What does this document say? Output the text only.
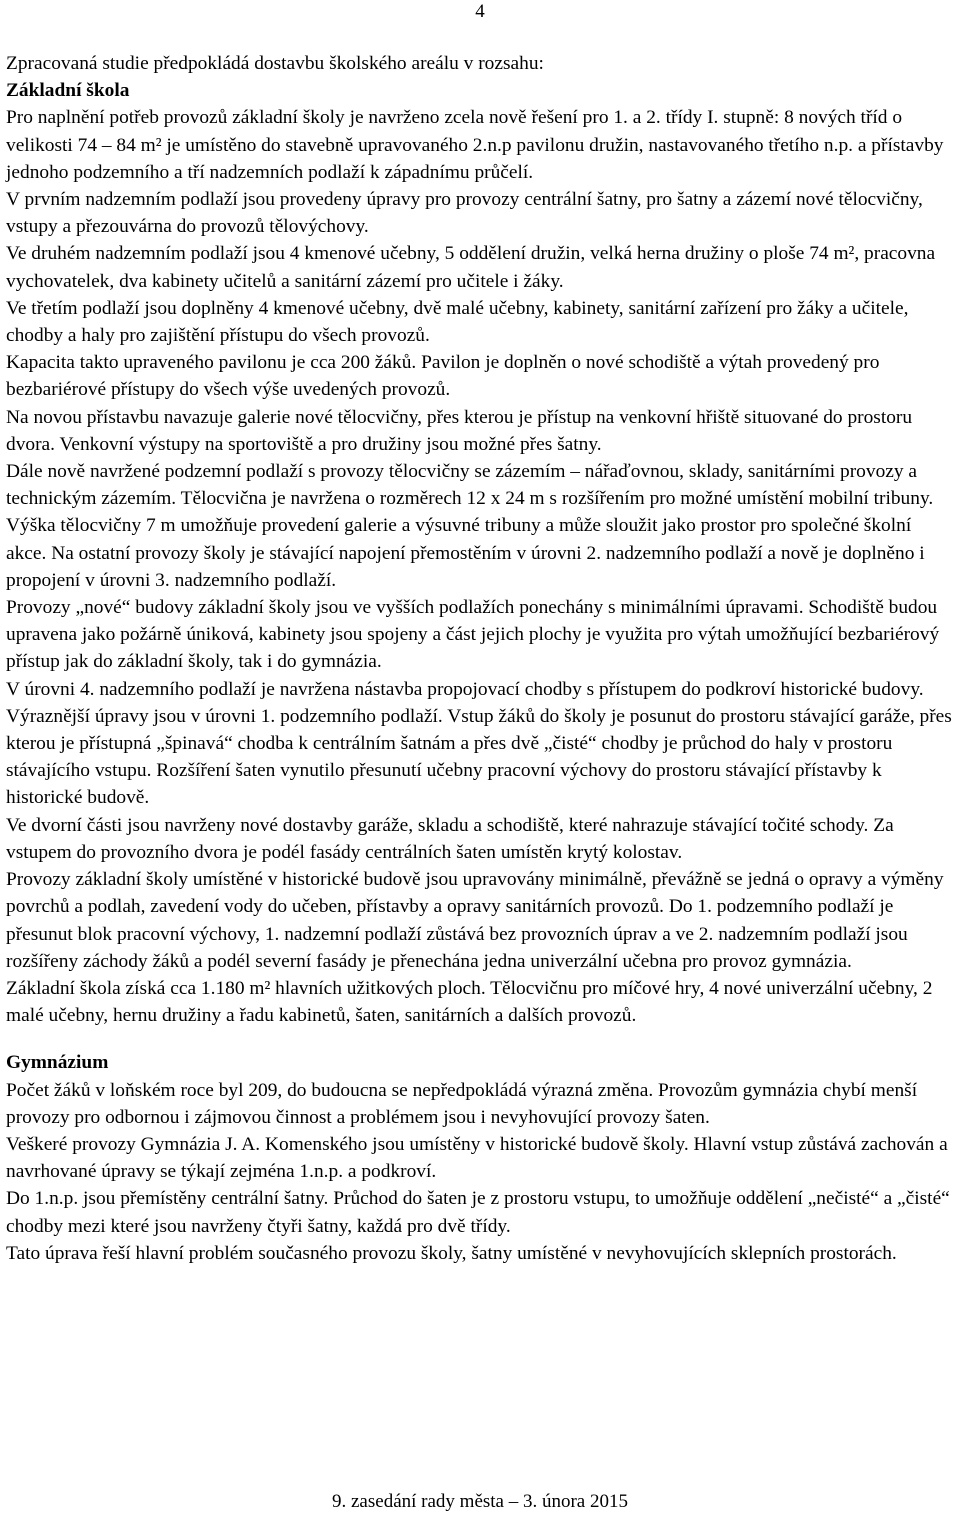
4

Zpracovaná studie předpokládá dostavbu školského areálu v rozsahu:

Základní škola

Pro naplnění potřeb provozů základní školy je navrženo zcela nově řešení pro 1. a 2. třídy I. stupně: 8 nových tříd o velikosti 74 – 84 m² je umístěno do stavebně upravovaného 2.n.p pavilonu družin, nastavovaného třetího n.p. a přístavby jednoho podzemního a tří nadzemních podlaží k západnímu průčelí.

V prvním nadzemním podlaží jsou provedeny úpravy pro provozy centrální šatny, pro šatny a zázemí nové tělocvičny, vstupy a přezouvárna do provozů tělovýchovy.

Ve druhém nadzemním podlaží jsou 4 kmenové učebny, 5 oddělení družin, velká herna družiny o ploše 74 m², pracovna vychovatelek, dva kabinety učitelů a sanitární zázemí pro učitele i žáky.

Ve třetím podlaží jsou doplněny 4 kmenové učebny, dvě malé učebny, kabinety, sanitární zařízení pro žáky a učitele, chodby a haly pro zajištění přístupu do všech provozů.

Kapacita takto upraveného pavilonu je cca 200 žáků. Pavilon je doplněn o nové schodiště a výtah provedený pro bezbariérové přístupy do všech výše uvedených provozů.

Na novou přístavbu navazuje galerie nové tělocvičny, přes kterou je přístup na venkovní hřiště situované do prostoru dvora. Venkovní výstupy na sportoviště a pro družiny jsou možné přes šatny.

Dále nově navržené podzemní podlaží s provozy tělocvičny se zázemím – nářaďovnou, sklady, sanitárními provozy a technickým zázemím. Tělocvična je navržena o rozměrech 12 x 24 m s rozšířením pro možné umístění mobilní tribuny. Výška tělocvičny 7 m umožňuje provedení galerie a výsuvné tribuny a může sloužit jako prostor pro společné školní akce. Na ostatní provozy školy je stávající napojení přemostěním v úrovni 2. nadzemního podlaží a nově je doplněno i propojení v úrovni 3. nadzemního podlaží.

Provozy „nové“ budovy základní školy jsou ve vyšších podlažích ponechány s minimálními úpravami. Schodiště budou upravena jako požárně úniková, kabinety jsou spojeny a část jejich plochy je využita pro výtah umožňující bezbariérový přístup jak do základní školy, tak i do gymnázia.

V úrovni 4. nadzemního podlaží je navržena nástavba propojovací chodby s přístupem do podkroví historické budovy.

Výraznější úpravy jsou v úrovni 1. podzemního podlaží. Vstup žáků do školy je posunut do prostoru stávající garáže, přes kterou je přístupná „špinavá“ chodba k centrálním šatnám a přes dvě „čisté“ chodby je průchod do haly v prostoru stávajícího vstupu. Rozšíření šaten vynutilo přesunutí učebny pracovní výchovy do prostoru stávající přístavby k historické budově.

Ve dvorní části jsou navrženy nové dostavby garáže, skladu a schodiště, které nahrazuje stávající točité schody. Za vstupem do provozního dvora je podél fasády centrálních šaten umístěn krytý kolostav.

Provozy základní školy umístěné v historické budově jsou upravovány minimálně, převážně se jedná o opravy a výměny povrchů a podlah, zavedení vody do učeben, přístavby a opravy sanitárních provozů. Do 1. podzemního podlaží je přesunut blok pracovní výchovy, 1. nadzemní podlaží zůstává bez provozních úprav a ve 2. nadzemním podlaží jsou rozšířeny záchody žáků a podél severní fasády je přenechána jedna univerzální učebna pro provoz gymnázia.

Základní škola získá cca 1.180 m² hlavních užitkových ploch. Tělocvičnu pro míčové hry, 4 nové univerzální učebny, 2 malé učebny, hernu družiny a řadu kabinetů, šaten, sanitárních a dalších provozů.

Gymnázium

Počet žáků v loňském roce byl 209, do budoucna se nepředpokládá výrazná změna. Provozům gymnázia chybí menší provozy pro odbornou i zájmovou činnost a problémem jsou i nevyhovující provozy šaten.

Veškeré provozy Gymnázia J. A. Komenského jsou umístěny v historické budově školy. Hlavní vstup zůstává zachován a navrhované úpravy se týkají zejména 1.n.p. a podkroví.

Do 1.n.p. jsou přemístěny centrální šatny. Průchod do šaten je z prostoru vstupu, to umožňuje oddělení „nečisté“ a „čisté“ chodby mezi které jsou navrženy čtyři šatny, každá pro dvě třídy.

Tato úprava řeší hlavní problém současného provozu školy, šatny umístěné v nevyhovujících sklepních prostorách.

9. zasedání rady města – 3. února 2015
